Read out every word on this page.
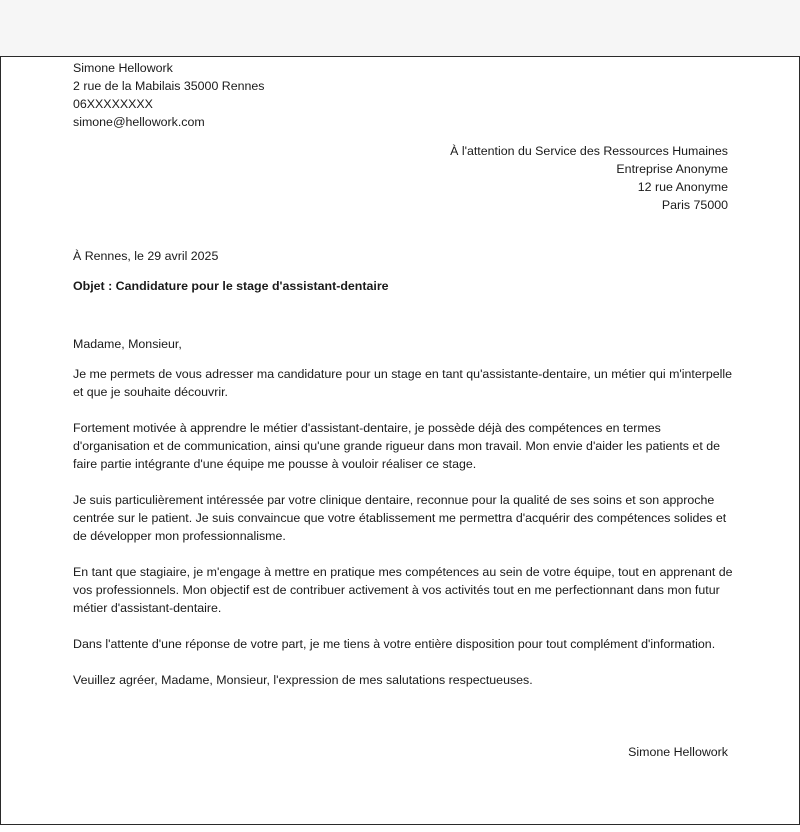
Simone Hellowork
2 rue de la Mabilais 35000 Rennes
06XXXXXXXX
simone@hellowork.com
À l'attention du Service des Ressources Humaines
Entreprise Anonyme
12 rue Anonyme
Paris 75000
À Rennes, le 29 avril 2025
Objet : Candidature pour le stage d'assistant-dentaire
Madame, Monsieur,

Je me permets de vous adresser ma candidature pour un stage en tant qu'assistante-dentaire, un métier qui m'interpelle et que je souhaite découvrir.

Fortement motivée à apprendre le métier d'assistant-dentaire, je possède déjà des compétences en termes d'organisation et de communication, ainsi qu'une grande rigueur dans mon travail. Mon envie d'aider les patients et de faire partie intégrante d'une équipe me pousse à vouloir réaliser ce stage.

Je suis particulièrement intéressée par votre clinique dentaire, reconnue pour la qualité de ses soins et son approche centrée sur le patient. Je suis convaincue que votre établissement me permettra d'acquérir des compétences solides et de développer mon professionnalisme.

En tant que stagiaire, je m'engage à mettre en pratique mes compétences au sein de votre équipe, tout en apprenant de vos professionnels. Mon objectif est de contribuer activement à vos activités tout en me perfectionnant dans mon futur métier d'assistant-dentaire.

Dans l'attente d'une réponse de votre part, je me tiens à votre entière disposition pour tout complément d'information.

Veuillez agréer, Madame, Monsieur, l'expression de mes salutations respectueuses.

Simone Hellowork
